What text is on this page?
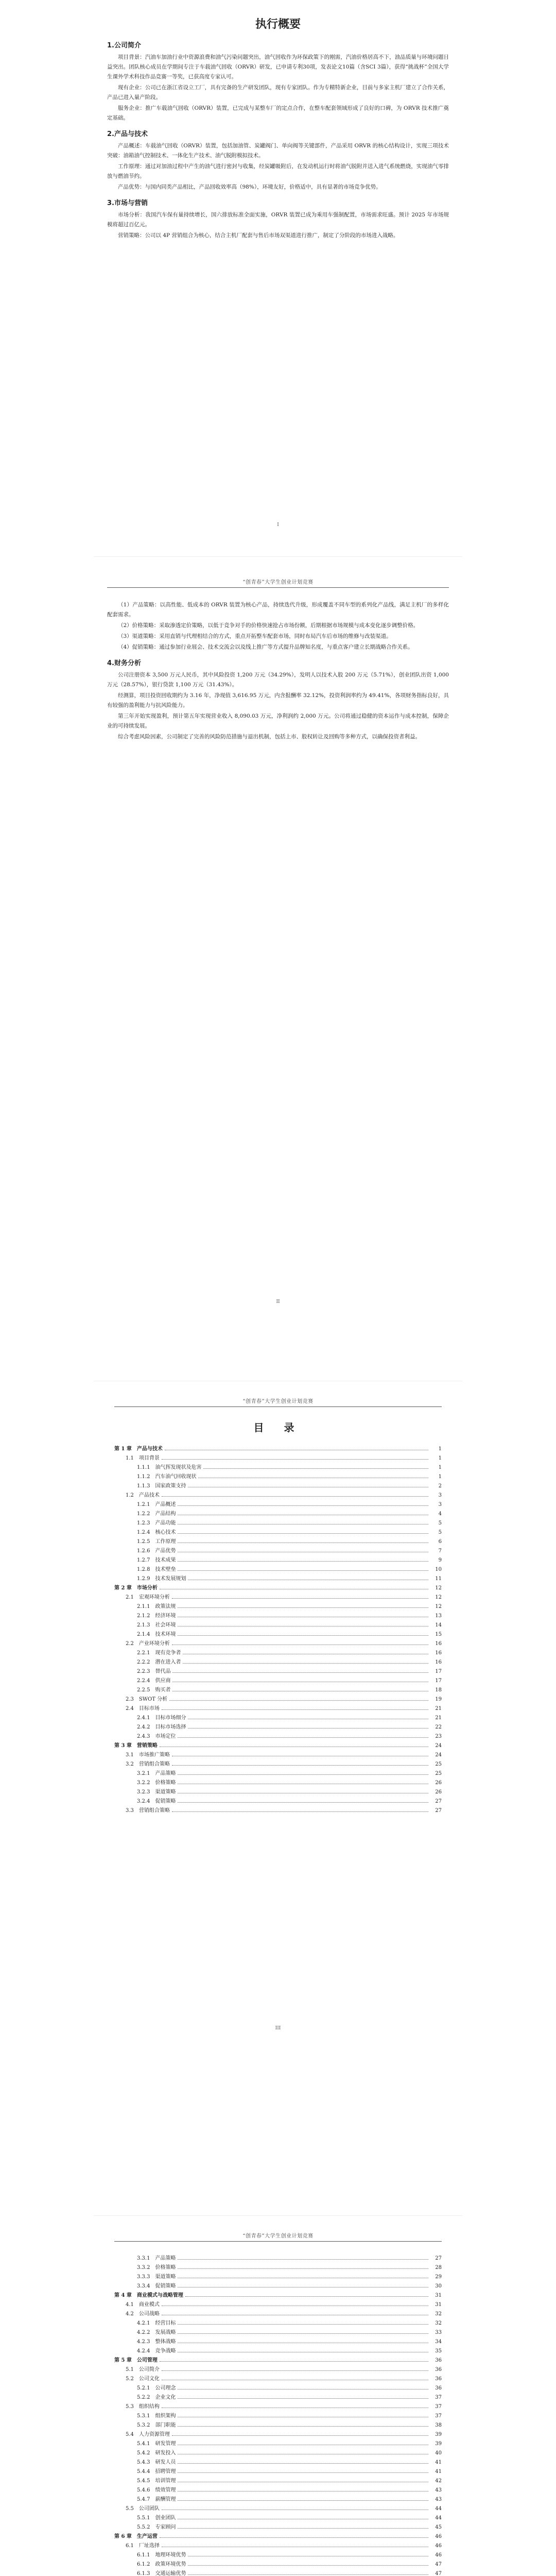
执行概要
1.公司简介

项目背景：汽油车加油行业中资源浪费和油气污染问题突出，油气回收作为环保政策下的刚需，汽油价格居高不下，油品质量与环境问题日益突出。团队核心成员在学期间专注于车载油气回收（ORVR）研发，已申请专利30项，发表论文10篇（含SCI 3篇），获得“挑战杯”全国大学生课外学术科技作品竞赛一等奖，已获高度专家认可。

现有企业：公司已在浙江省设立工厂，具有完备的生产研发团队，现有专家团队。作为专精特新企业，目前与多家主机厂建立了合作关系，产品已进入量产阶段。

服务企业：推广车载油气回收（ORVR）装置，已完成与某整车厂的定点合作，在整车配套领域形成了良好的口碑，为 ORVR 技术推广奠定基础。

2.产品与技术

产品概述：车载油气回收（ORVR）装置，包括加油管、炭罐阀门、单向阀等关键部件，产品采用 ORVR 的核心结构设计，实现三项技术突破：油箱油气控制技术、一体化生产技术、油气脱附模拟技术。

工作原理：通过对加油过程中产生的油气进行密封与收集，经炭罐吸附后，在发动机运行时将油气脱附并送入进气系统燃烧，实现油气零排放与燃油节约。

产品优势：与国内同类产品相比，产品回收效率高（98%），环境友好，价格适中，具有显著的市场竞争优势。

3.市场与营销

市场分析：我国汽车保有量持续增长，国六排放标准全面实施，ORVR 装置已成为乘用车强制配置，市场需求旺盛。预计 2025 年市场规模将超过百亿元。

营销策略：公司以 4P 营销组合为核心，结合主机厂配套与售后市场双渠道进行推广，制定了分阶段的市场进入战略。

I
“创青春”大学生创业计划竞赛

（1）产品策略：以高性能、低成本的 ORVR 装置为核心产品，持续迭代升级，形成覆盖不同车型的系列化产品线，满足主机厂的多样化配套需求。

（2）价格策略：采取渗透定价策略，以低于竞争对手的价格快速抢占市场份额，后期根据市场规模与成本变化逐步调整价格。

（3）渠道策略：采用直销与代理相结合的方式，重点开拓整车配套市场，同时布局汽车后市场的维修与改装渠道。

（4）促销策略：通过参加行业展会、技术交流会以及线上推广等方式提升品牌知名度，与重点客户建立长期战略合作关系。

4.财务分析

公司注册资本 3,500 万元人民币，其中风险投资 1,200 万元（34.29%），发明人以技术入股 200 万元（5.71%），创业团队出资 1,000 万元（28.57%），银行贷款 1,100 万元（31.43%）。

经测算，项目投资回收期约为 3.16 年，净现值 3,616.95 万元，内含报酬率 32.12%，投资利润率约为 49.41%，各项财务指标良好，具有较强的盈利能力与抗风险能力。

第三年开始实现盈利，预计第五年实现营业收入 8,090.03 万元，净利润约 2,000 万元。公司将通过稳健的资本运作与成本控制，保障企业的可持续发展。

综合考虑风险因素，公司制定了完善的风险防范措施与退出机制，包括上市、股权转让及回购等多种方式，以确保投资者利益。

II
“创青春”大学生创业计划竞赛
目 录
第 1 章　产品与技术	1
1.1　项目背景	1
1.1.1　油气挥发现状及危害	1
1.1.2　汽车油气回收现状	1
1.1.3　国家政策支持	2
1.2　产品技术	3
1.2.1　产品概述	3
1.2.2　产品结构	4
1.2.3　产品功能	5
1.2.4　核心技术	5
1.2.5　工作原理	6
1.2.6　产品优势	7
1.2.7　技术成果	9
1.2.8　技术壁垒	10
1.2.9　技术发展规划	11
第 2 章　市场分析	12
2.1　宏观环境分析	12
2.1.1　政策法规	12
2.1.2　经济环境	13
2.1.3　社会环境	14
2.1.4　技术环境	15
2.2　产业环境分析	16
2.2.1　现有竞争者	16
2.2.2　潜在进入者	16
2.2.3　替代品	17
2.2.4　供应商	17
2.2.5　购买者	18
2.3　SWOT 分析	19
2.4　目标市场	21
2.4.1　目标市场细分	21
2.4.2　目标市场选择	22
2.4.3　市场定位	23
第 3 章　营销策略	24
3.1　市场推广策略	24
3.2　营销组合策略	25
3.2.1　产品策略	25
3.2.2　价格策略	26
3.2.3　渠道策略	26
3.2.4　促销策略	27
3.3　营销组合策略	27
III
“创青春”大学生创业计划竞赛
3.3.1　产品策略	27
3.3.2　价格策略	28
3.3.3　渠道策略	29
3.3.4　促销策略	30
第 4 章　商业模式与战略管理	31
4.1　商业模式	31
4.2　公司战略	32
4.2.1　经营目标	32
4.2.2　发展战略	33
4.2.3　整体战略	34
4.2.4　竞争战略	35
第 5 章　公司管理	36
5.1　公司简介	36
5.2　公司文化	36
5.2.1　公司理念	36
5.2.2　企业文化	37
5.3　组织结构	37
5.3.1　组织架构	37
5.3.2　部门职能	38
5.4　人力资源管理	39
5.4.1　研发管理	39
5.4.2　研发投入	40
5.4.3　研发人员	41
5.4.4　招聘管理	41
5.4.5　培训管理	42
5.4.6　绩效管理	43
5.4.7　薪酬管理	43
5.5　公司团队	44
5.5.1　创业团队	44
5.5.2　专家顾问	45
第 6 章　生产运营	46
6.1　厂址选择	46
6.1.1　地理环境优势	46
6.1.2　政策环境优势	47
6.1.3　交通运输优势	47
